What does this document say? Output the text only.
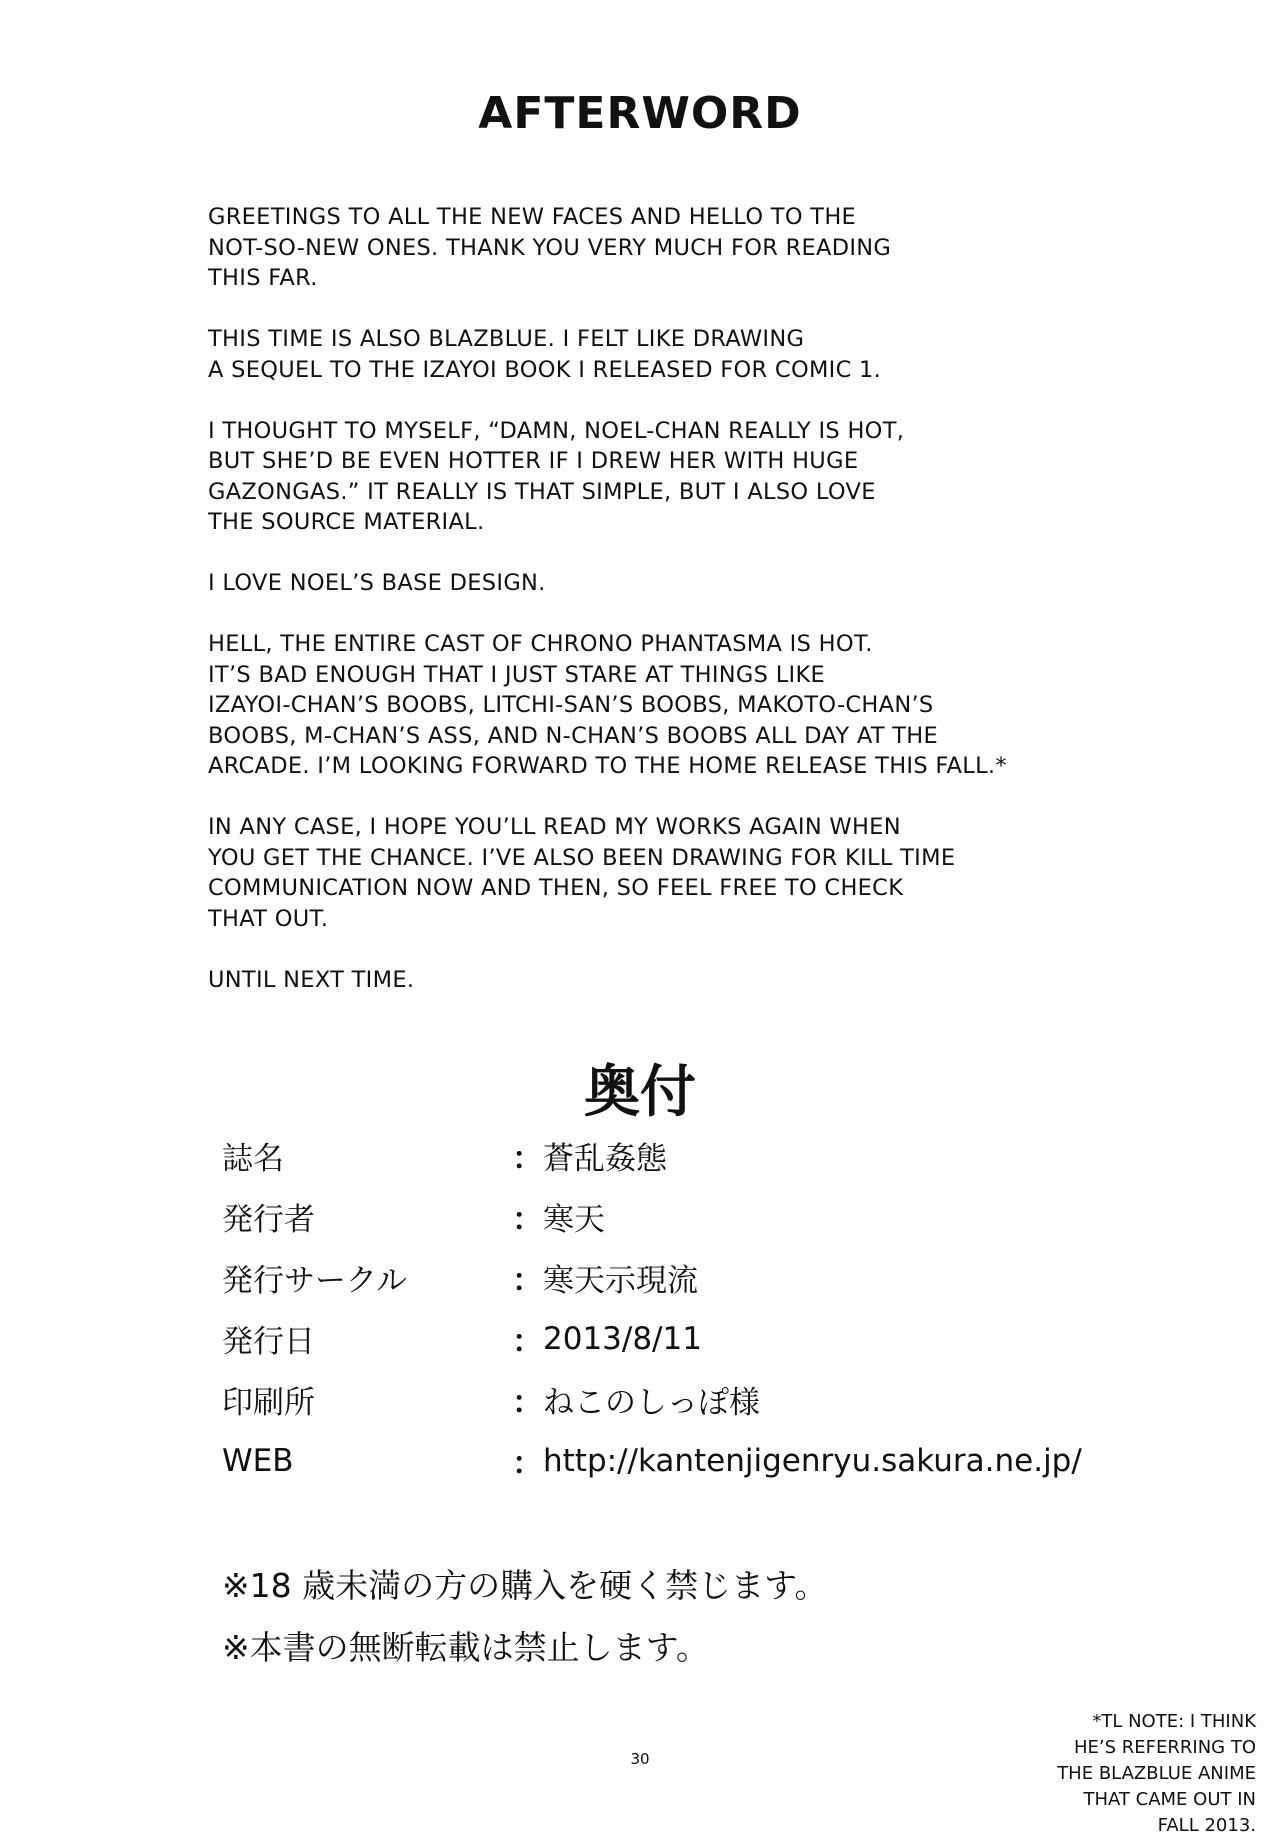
AFTERWORD

GREETINGS TO ALL THE NEW FACES AND HELLO TO THE
NOT-SO-NEW ONES. THANK YOU VERY MUCH FOR READING
THIS FAR.

THIS TIME IS ALSO BLAZBLUE. I FELT LIKE DRAWING
A SEQUEL TO THE IZAYOI BOOK I RELEASED FOR COMIC 1.

I THOUGHT TO MYSELF, “DAMN, NOEL-CHAN REALLY IS HOT,
BUT SHE’D BE EVEN HOTTER IF I DREW HER WITH HUGE
GAZONGAS.” IT REALLY IS THAT SIMPLE, BUT I ALSO LOVE
THE SOURCE MATERIAL.

I LOVE NOEL’S BASE DESIGN.

HELL, THE ENTIRE CAST OF CHRONO PHANTASMA IS HOT.
IT’S BAD ENOUGH THAT I JUST STARE AT THINGS LIKE
IZAYOI-CHAN’S BOOBS, LITCHI-SAN’S BOOBS, MAKOTO-CHAN’S
BOOBS, Μ-CHAN’S ASS, AND Ν-CHAN’S BOOBS ALL DAY AT THE
ARCADE. I’M LOOKING FORWARD TO THE HOME RELEASE THIS FALL.*

IN ANY CASE, I HOPE YOU’LL READ MY WORKS AGAIN WHEN
YOU GET THE CHANCE. I’VE ALSO BEEN DRAWING FOR KILL TIME
COMMUNICATION NOW AND THEN, SO FEEL FREE TO CHECK
THAT OUT.

UNTIL NEXT TIME.

奥付
誌名	：	蒼乱姦態
発行者	：	寒天
発行サークル	：	寒天示現流
発行日	：	2013/8/11
印刷所	：	ねこのしっぽ様
WEB	：	http://kantenjigenryu.sakura.ne.jp/
※18 歳未満の方の購入を硬く禁じます。
※本書の無断転載は禁止します。
30
*TL NOTE: I THINK
HE’S REFERRING TO
THE BLAZBLUE ANIME
THAT CAME OUT IN
FALL 2013.
